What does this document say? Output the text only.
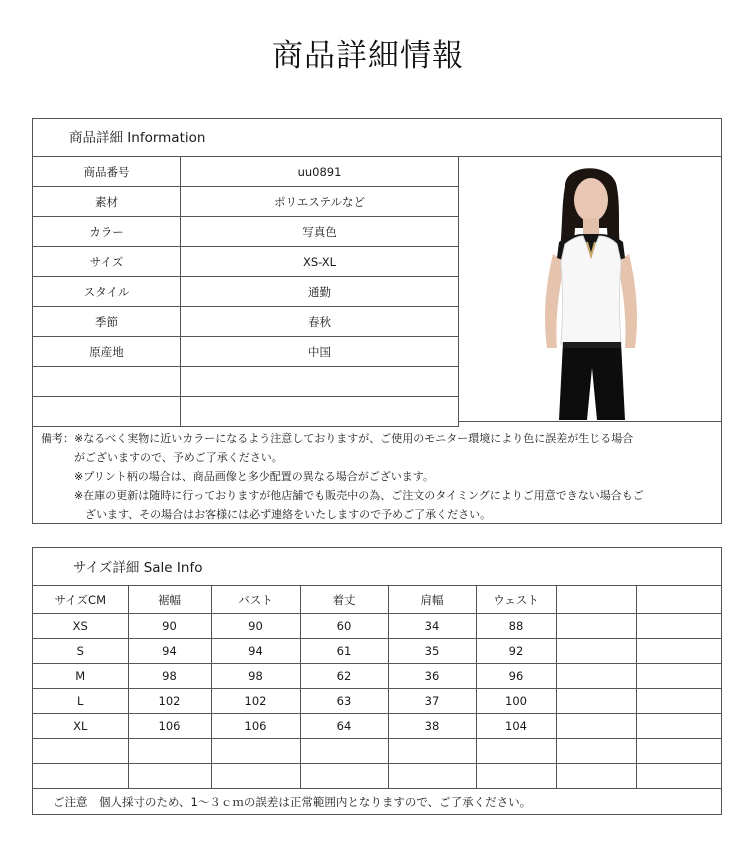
商品詳細情報
商品詳細 Information
商品番号	uu0891
素材	ポリエステルなど
カラー	写真色
サイズ	XS-XL
スタイル	通勤
季節	春秋
原産地	中国

備考：※なるべく実物に近いカラーになるよう注意しておりますが、ご使用のモニター環境により色に誤差が生じる場合
　　　がございますので、予めご了承ください。
　　　※プリント柄の場合は、商品画像と多少配置の異なる場合がございます。
　　　※在庫の更新は随時に行っておりますが他店舗でも販売中の為、ご注文のタイミングによりご用意できない場合もご
　　　　ざいます、その場合はお客様には必ず連絡をいたしますので予めご了承ください。
サイズ詳細 Sale Info
サイズCM	裾幅	バスト	着丈	肩幅	ウェスト		
XS	90	90	60	34	88		
S	94	94	61	35	92		
M	98	98	62	36	96		
L	102	102	63	37	100		
XL	106	106	64	38	104		

ご注意　個人採寸のため、1～３ｃｍの誤差は正常範囲内となりますので、ご了承ください。
